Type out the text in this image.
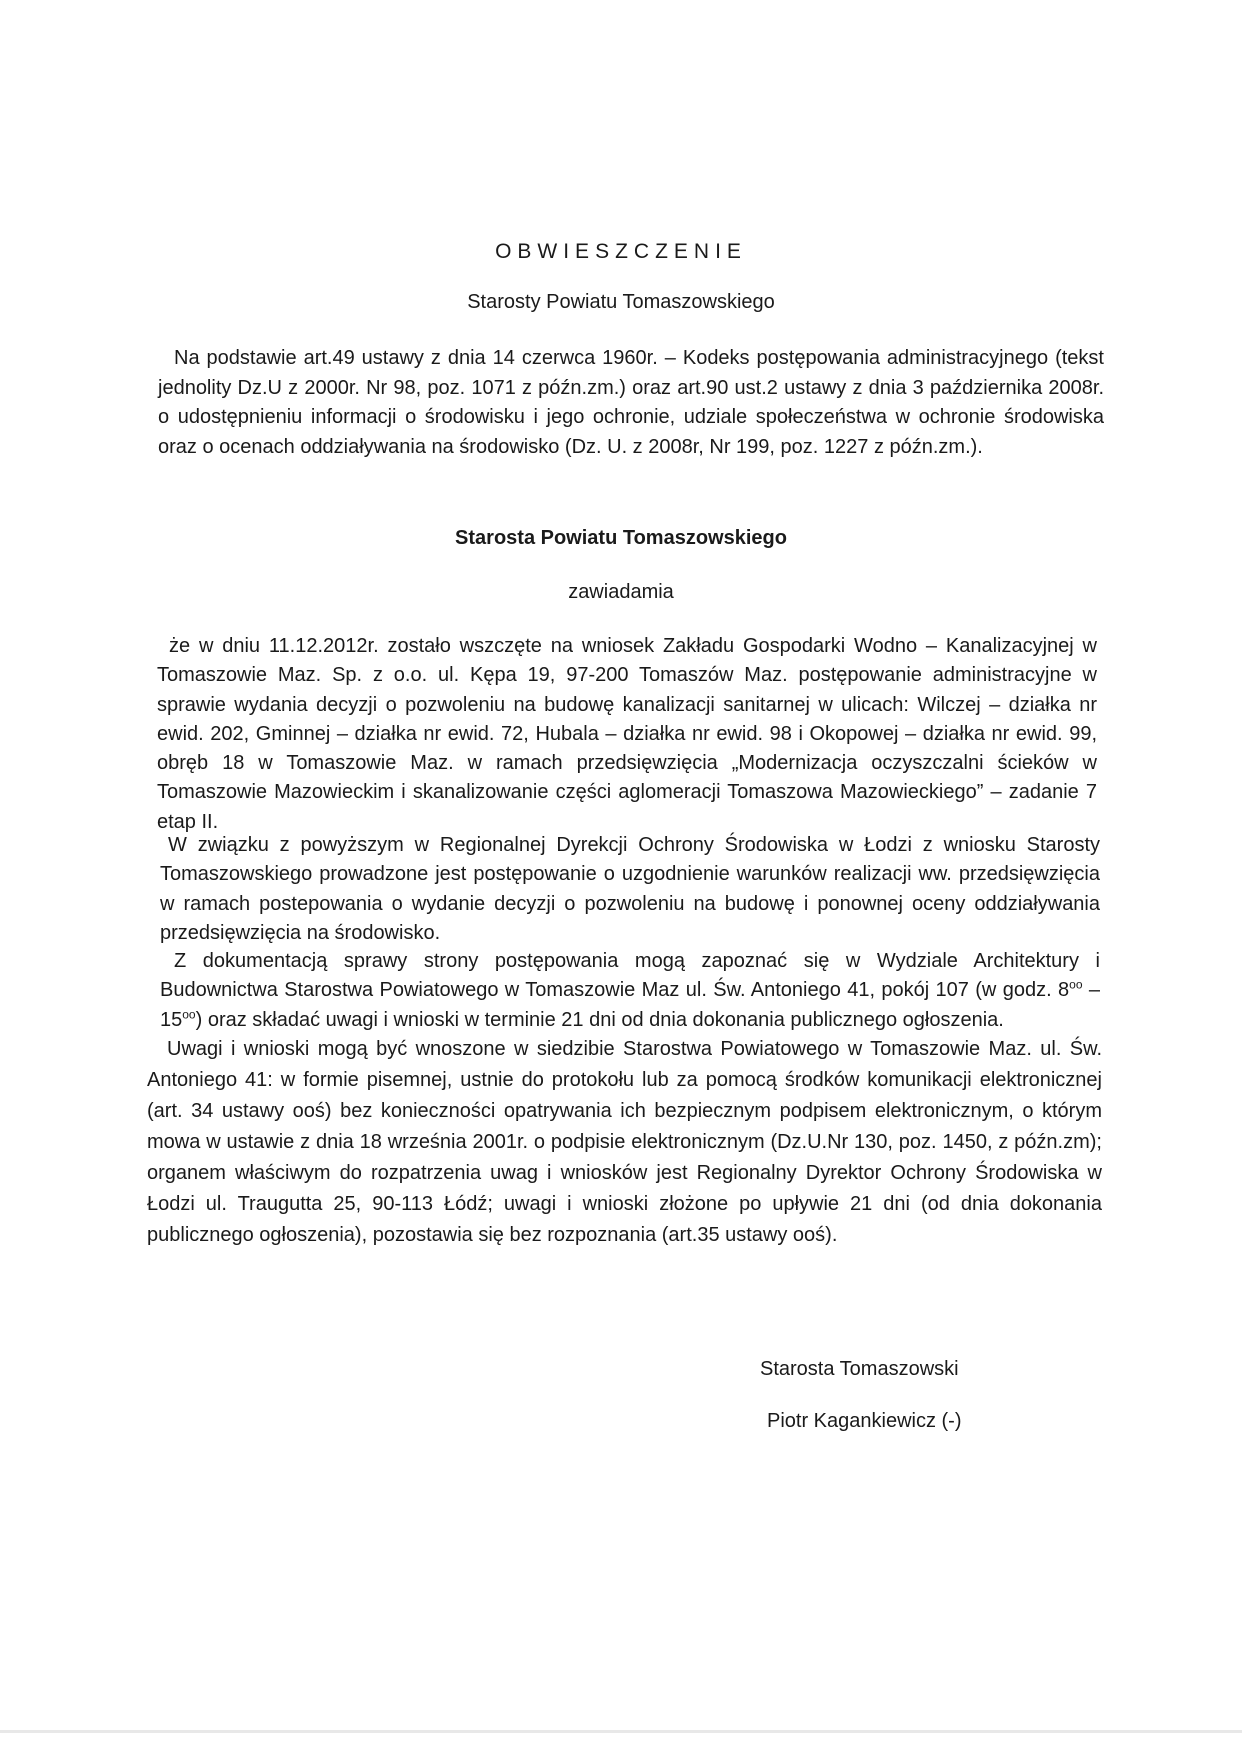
OBWIESZCZENIE
Starosty Powiatu Tomaszowskiego
Na podstawie art.49 ustawy z dnia 14 czerwca 1960r. – Kodeks postępowania administracyjnego (tekst jednolity Dz.U z 2000r. Nr 98, poz. 1071 z późn.zm.) oraz art.90 ust.2 ustawy z dnia 3 października 2008r. o udostępnieniu informacji o środowisku i jego ochronie, udziale społeczeństwa w ochronie środowiska oraz o ocenach oddziaływania na środowisko (Dz. U. z 2008r, Nr 199, poz. 1227 z późn.zm.).
Starosta Powiatu Tomaszowskiego
zawiadamia
że w dniu 11.12.2012r. zostało wszczęte na wniosek Zakładu Gospodarki Wodno – Kanalizacyjnej w Tomaszowie Maz. Sp. z o.o. ul. Kępa 19, 97-200 Tomaszów Maz. postępowanie administracyjne w sprawie wydania decyzji o pozwoleniu na budowę kanalizacji sanitarnej w ulicach: Wilczej – działka nr ewid. 202, Gminnej – działka nr ewid. 72, Hubala – działka nr ewid. 98 i Okopowej – działka nr ewid. 99, obręb 18 w Tomaszowie Maz. w ramach przedsięwzięcia „Modernizacja oczyszczalni ścieków w Tomaszowie Mazowieckim i skanalizowanie części aglomeracji Tomaszowa Mazowieckiego” – zadanie 7 etap II.
W związku z powyższym w Regionalnej Dyrekcji Ochrony Środowiska w Łodzi z wniosku Starosty Tomaszowskiego prowadzone jest postępowanie o uzgodnienie warunków realizacji ww. przedsięwzięcia w ramach postepowania o wydanie decyzji o pozwoleniu na budowę i ponownej oceny oddziaływania przedsięwzięcia na środowisko.
Z dokumentacją sprawy strony postępowania mogą zapoznać się w Wydziale Architektury i Budownictwa Starostwa Powiatowego w Tomaszowie Maz ul. Św. Antoniego 41, pokój 107 (w godz. $8^{oo} - 15^{oo}$) oraz składać uwagi i wnioski w terminie 21 dni od dnia dokonania publicznego ogłoszenia.
Uwagi i wnioski mogą być wnoszone w siedzibie Starostwa Powiatowego w Tomaszowie Maz. ul. Św. Antoniego 41: w formie pisemnej, ustnie do protokołu lub za pomocą środków komunikacji elektronicznej (art. 34 ustawy ooś) bez konieczności opatrywania ich bezpiecznym podpisem elektronicznym, o którym mowa w ustawie z dnia 18 września 2001r. o podpisie elektronicznym (Dz.U.Nr 130, poz. 1450, z późn.zm); organem właściwym do rozpatrzenia uwag i wniosków jest Regionalny Dyrektor Ochrony Środowiska w Łodzi ul. Traugutta 25, 90-113 Łódź; uwagi i wnioski złożone po upływie 21 dni (od dnia dokonania publicznego ogłoszenia), pozostawia się bez rozpoznania (art.35 ustawy ooś).
Starosta Tomaszowski
Piotr Kagankiewicz (-)
